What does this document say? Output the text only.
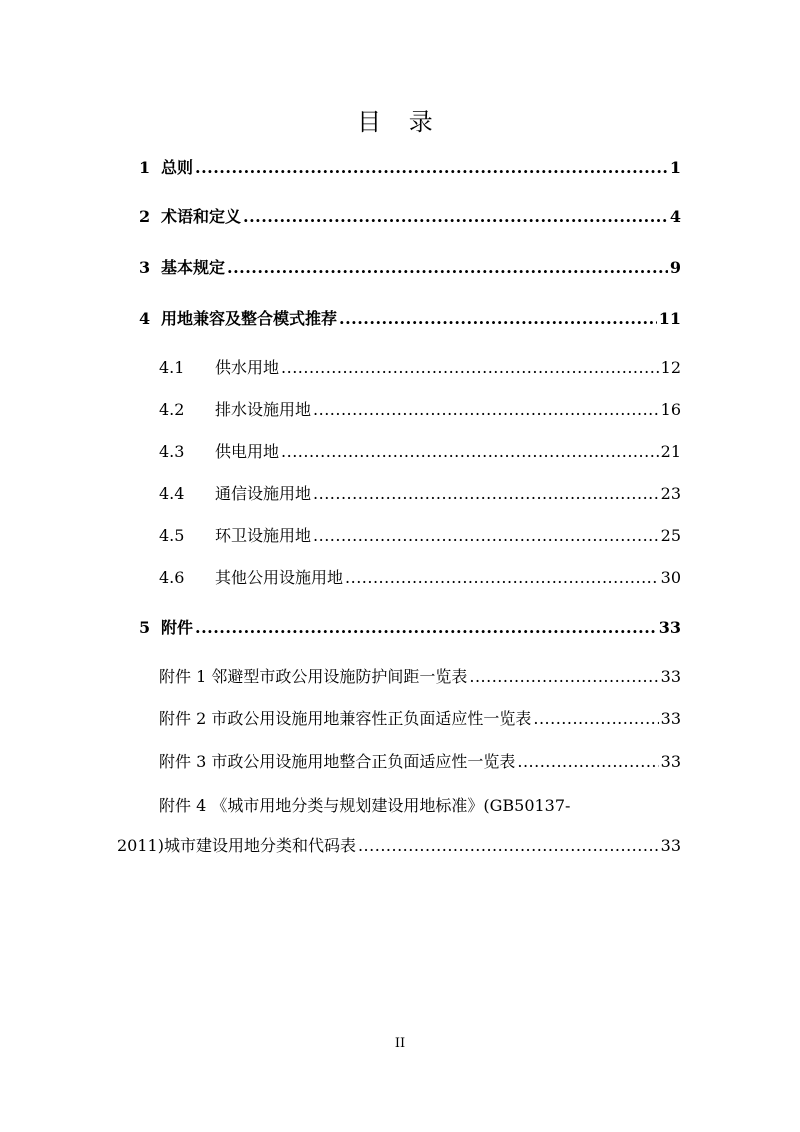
目 录
1 总则 .....	1
2 术语和定义 .....	4
3 基本规定 .....	9
4 用地兼容及整合模式推荐 .....	11
4.1 供水用地 .....	12
4.2 排水设施用地 .....	16
4.3 供电用地 .....	21
4.4 通信设施用地 .....	23
4.5 环卫设施用地 .....	25
4.6 其他公用设施用地 .....	30
5 附件 .....	33
附件 1 邻避型市政公用设施防护间距一览表 .....	33
附件 2 市政公用设施用地兼容性正负面适应性一览表 .....	33
附件 3 市政公用设施用地整合正负面适应性一览表 .....	33
附件 4 《城市用地分类与规划建设用地标准》(GB50137-
2011)城市建设用地分类和代码表 .....	33
II
